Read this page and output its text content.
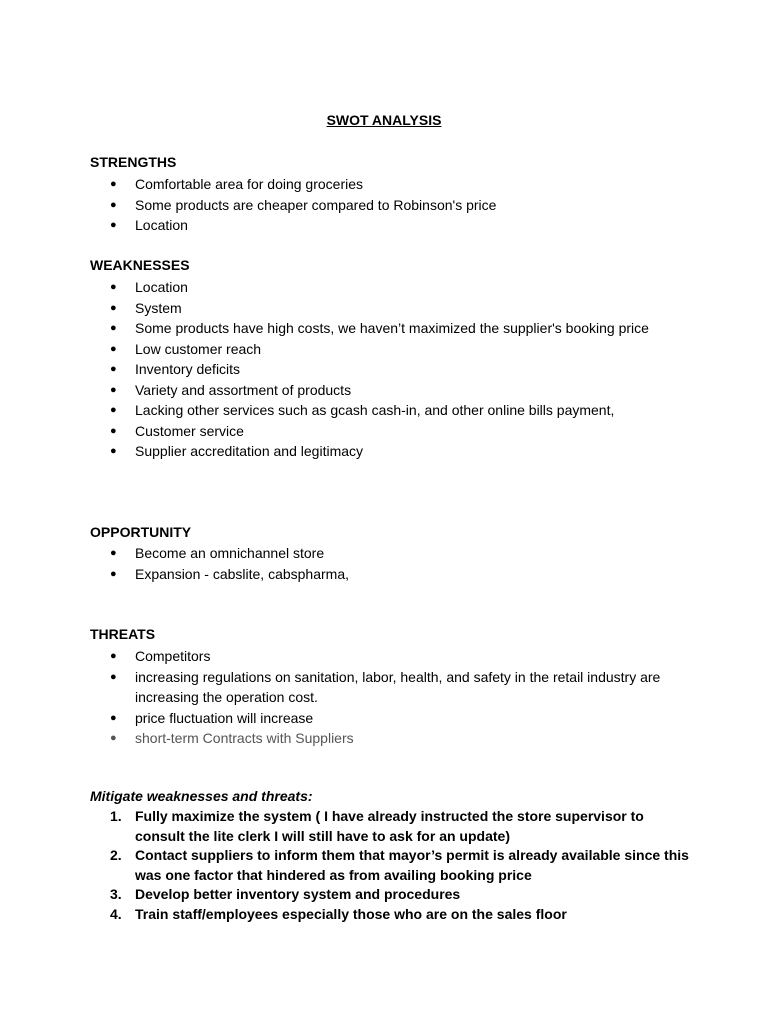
SWOT ANALYSIS
STRENGTHS
● Comfortable area for doing groceries
● Some products are cheaper compared to Robinson's price
● Location
WEAKNESSES
● Location
● System
● Some products have high costs, we haven’t maximized the supplier's booking price
● Low customer reach
● Inventory deficits
● Variety and assortment of products
● Lacking other services such as gcash cash-in, and other online bills payment,
● Customer service
● Supplier accreditation and legitimacy
OPPORTUNITY
● Become an omnichannel store
● Expansion - cabslite, cabspharma,
THREATS
● Competitors
● increasing regulations on sanitation, labor, health, and safety in the retail industry are increasing the operation cost.
● price fluctuation will increase
● short-term Contracts with Suppliers
Mitigate weaknesses and threats:
1. Fully maximize the system ( I have already instructed the store supervisor to consult the lite clerk I will still have to ask for an update)
2. Contact suppliers to inform them that mayor’s permit is already available since this was one factor that hindered as from availing booking price
3. Develop better inventory system and procedures
4. Train staff/employees especially those who are on the sales floor
